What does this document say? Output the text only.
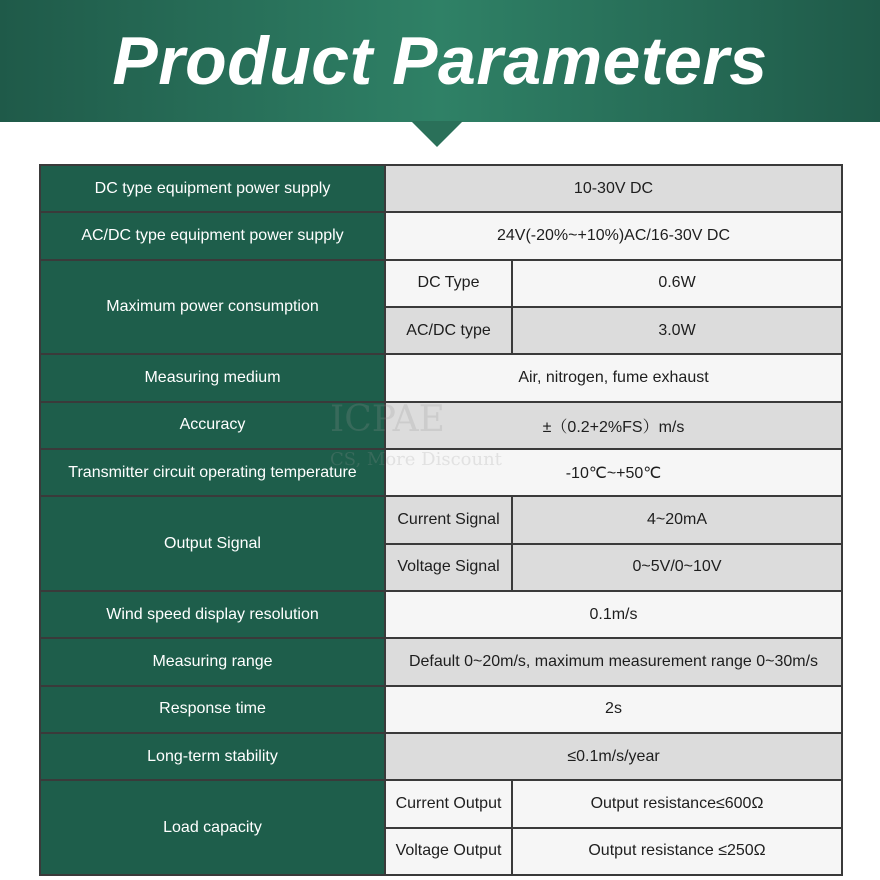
Product Parameters
DC type equipment power supply	10-30V DC	
AC/DC type equipment power supply	24V(-20%~+10%)AC/16-30V DC	
Maximum power consumption	DC Type	0.6W
	AC/DC type	3.0W
Measuring medium	Air, nitrogen, fume exhaust	
Accuracy	±（0.2+2%FS）m/s	
Transmitter circuit operating temperature	-10℃~+50℃	
Output Signal	Current Signal	4~20mA
	Voltage Signal	0~5V/0~10V
Wind speed display resolution	0.1m/s	
Measuring range	Default 0~20m/s, maximum measurement range 0~30m/s	
Response time	2s	
Long-term stability	≤0.1m/s/year	
Load capacity	Current Output	Output resistance≤600Ω
	Voltage Output	Output resistance ≤250Ω
ICPAE
CS, More Discount
